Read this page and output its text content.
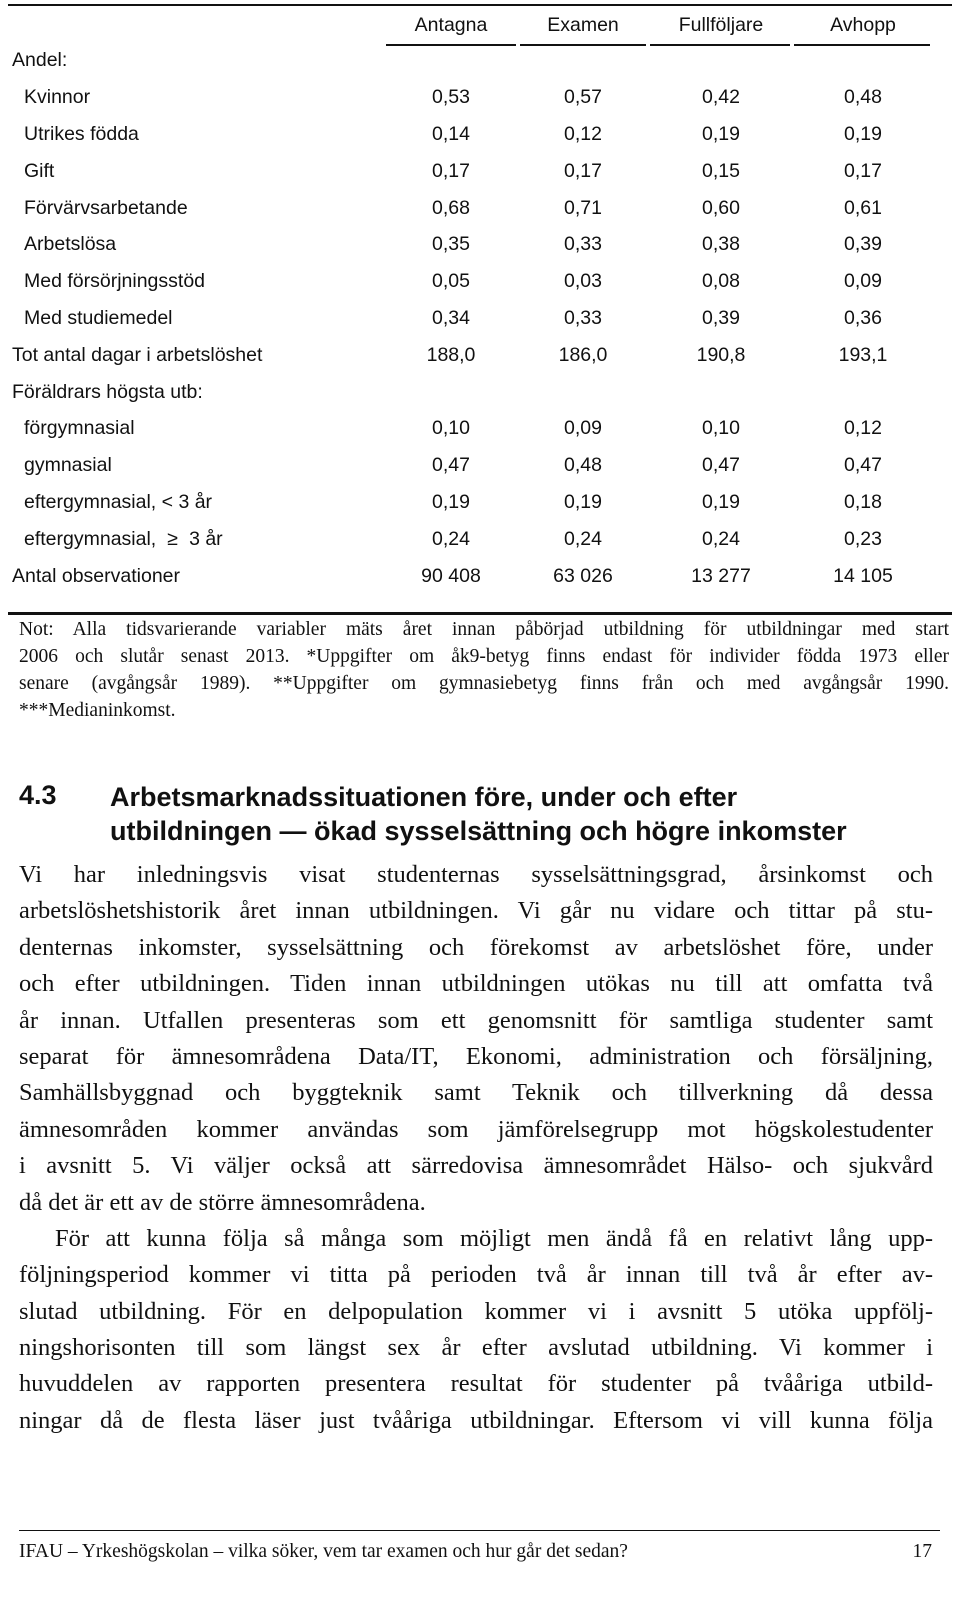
Antagna	Examen	Fullföljare	Avhopp
Andel:
Kvinnor	0,53	0,57	0,42	0,48
Utrikes födda	0,14	0,12	0,19	0,19
Gift	0,17	0,17	0,15	0,17
Förvärvsarbetande	0,68	0,71	0,60	0,61
Arbetslösa	0,35	0,33	0,38	0,39
Med försörjningsstöd	0,05	0,03	0,08	0,09
Med studiemedel	0,34	0,33	0,39	0,36
Tot antal dagar i arbetslöshet	188,0	186,0	190,8	193,1
Föräldrars högsta utb:
förgymnasial	0,10	0,09	0,10	0,12
gymnasial	0,47	0,48	0,47	0,47
eftergymnasial, < 3 år	0,19	0,19	0,19	0,18
eftergymnasial, ≥ 3 år	0,24	0,24	0,24	0,23
Antal observationer	90 408	63 026	13 277	14 105
Not: Alla tidsvarierande variabler mäts året innan påbörjad utbildning för utbildningar med start
2006 och slutår senast 2013. *Uppgifter om åk9-betyg finns endast för individer födda 1973 eller
senare (avgångsår 1989). **Uppgifter om gymnasiebetyg finns från och med avgångsår 1990.
***Medianinkomst.
4.3 Arbetsmarknadssituationen före, under och efter
utbildningen — ökad sysselsättning och högre inkomster
Vi har inledningsvis visat studenternas sysselsättningsgrad, årsinkomst och
arbetslöshetshistorik året innan utbildningen. Vi går nu vidare och tittar på stu-
denternas inkomster, sysselsättning och förekomst av arbetslöshet före, under
och efter utbildningen. Tiden innan utbildningen utökas nu till att omfatta två
år innan. Utfallen presenteras som ett genomsnitt för samtliga studenter samt
separat för ämnesområdena Data/IT, Ekonomi, administration och försäljning,
Samhällsbyggnad och byggteknik samt Teknik och tillverkning då dessa
ämnesområden kommer användas som jämförelsegrupp mot högskolestudenter
i avsnitt 5. Vi väljer också att särredovisa ämnesområdet Hälso- och sjukvård
då det är ett av de större ämnesområdena.
För att kunna följa så många som möjligt men ändå få en relativt lång upp-
följningsperiod kommer vi titta på perioden två år innan till två år efter av-
slutad utbildning. För en delpopulation kommer vi i avsnitt 5 utöka uppfölj-
ningshorisonten till som längst sex år efter avslutad utbildning. Vi kommer i
huvuddelen av rapporten presentera resultat för studenter på tvååriga utbild-
ningar då de flesta läser just tvååriga utbildningar. Eftersom vi vill kunna följa
IFAU – Yrkeshögskolan – vilka söker, vem tar examen och hur går det sedan?	17
